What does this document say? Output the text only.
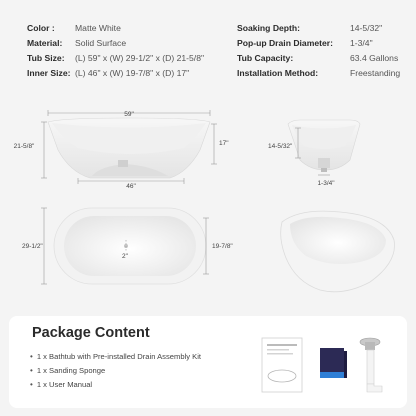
Color :	Matte White
Material:	Solid Surface
Tub Size:	(L) 59" x (W) 29-1/2" x (D) 21-5/8"
Inner Size: (L) 46" x (W) 19-7/8" x (D) 17"
Soaking Depth:	14-5/32"
Pop-up Drain Diameter:	1-3/4"
Tub Capacity:	63.4 Gallons
Installation Method:	Freestanding
59"
21-5/8"	17"
46"
14-5/32"
1-3/4"
29-1/2"	19-7/8"
2"
Package Content
• 1 x Bathtub with Pre-installed Drain Assembly Kit
• 1 x Sanding Sponge
• 1 x User Manual
